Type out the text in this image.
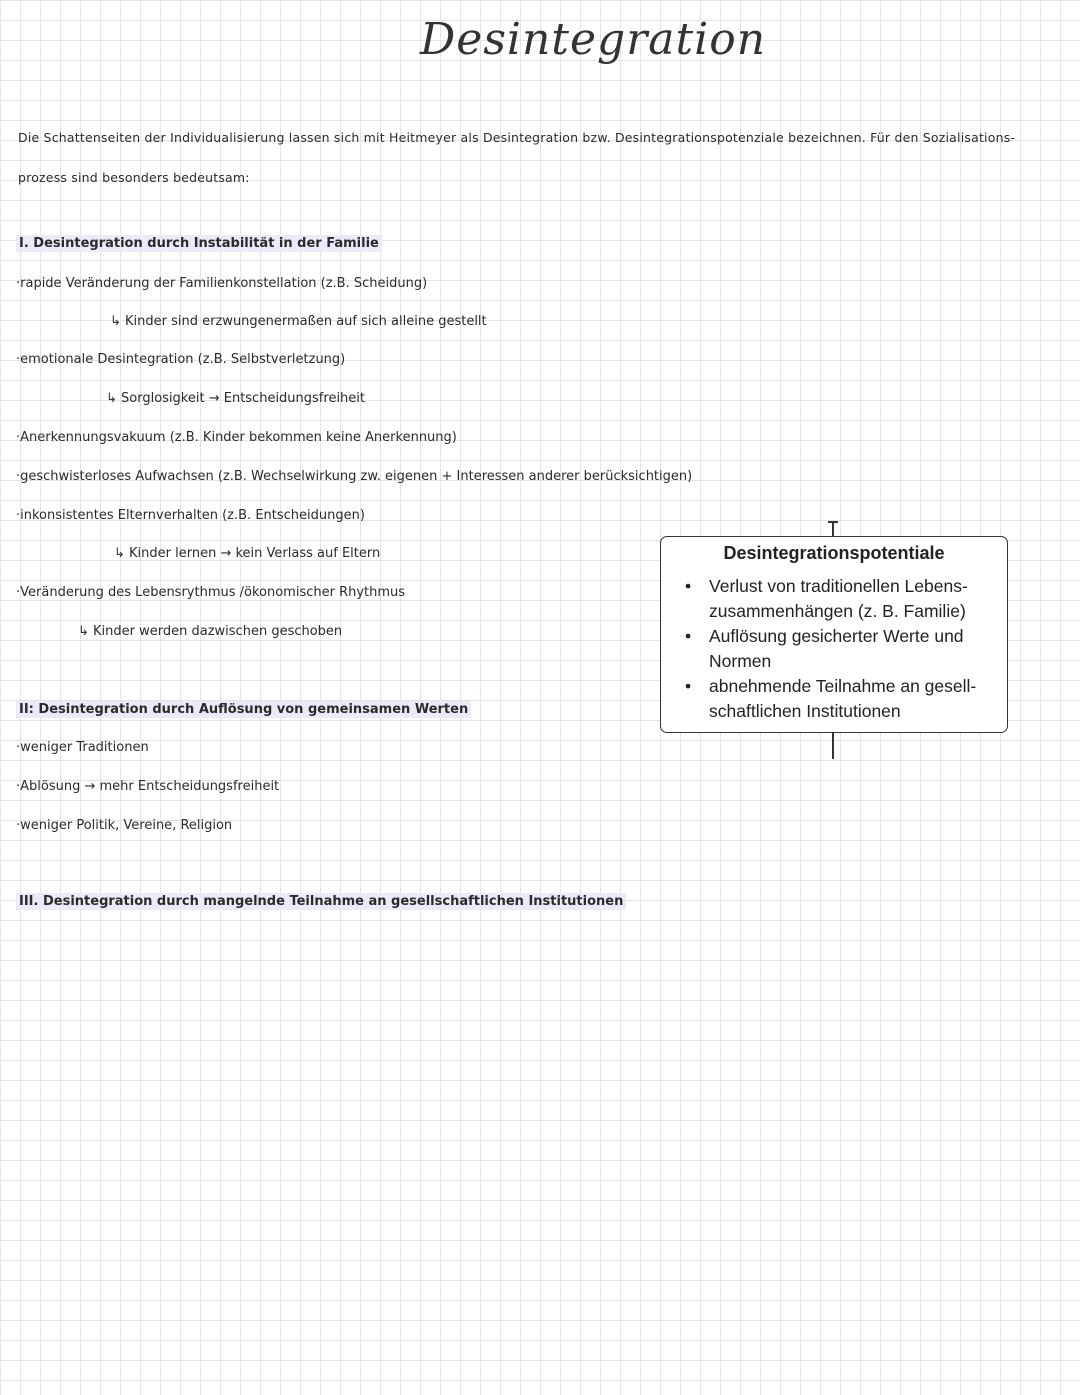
Desintegration
Die Schattenseiten der Individualisierung lassen sich mit Heitmeyer als Desintegration bzw. Desintegrationspotenziale bezeichnen. Für den Sozialisations-prozess sind besonders bedeutsam:
I. Desintegration durch Instabilität in der Familie
·rapide Veränderung der Familienkonstellation (z.B. Scheidung)
↳ Kinder sind erzwungenermaßen auf sich alleine gestellt
·emotionale Desintegration (z.B. Selbstverletzung)
↳ Sorglosigkeit → Entscheidungsfreiheit
·Anerkennungsvakuum (z.B. Kinder bekommen keine Anerkennung)
·geschwisterloses Aufwachsen (z.B. Wechselwirkung zw. eigenen + Interessen anderer berücksichtigen)
·inkonsistentes Elternverhalten (z.B. Entscheidungen)
↳ Kinder lernen → kein Verlass auf Eltern
·Veränderung des Lebensrythmus /ökonomischer Rhythmus
↳ Kinder werden dazwischen geschoben
II: Desintegration durch Auflösung von gemeinsamen Werten
·weniger Traditionen
·Ablösung → mehr Entscheidungsfreiheit
·weniger Politik, Vereine, Religion
III. Desintegration durch mangelnde Teilnahme an gesellschaftlichen Institutionen
Desintegrationspotentiale
• Verlust von traditionellen Lebens-zusammenhängen (z. B. Familie)
• Auflösung gesicherter Werte und Normen
• abnehmende Teilnahme an gesell-schaftlichen Institutionen
